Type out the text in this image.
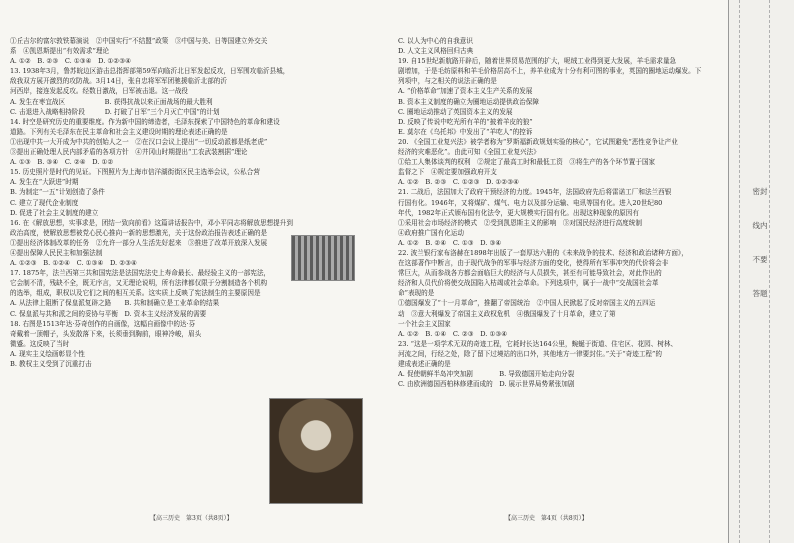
①丘吉尔的富尔敦铁幕演说　②中国实行“不结盟”政策　③中国与美、日等国建立外交关
系　④凯恩斯提出“有效需求”理论
A. ①②　B. ②③　C. ①③④　D. ①②③④
13. 1938年3月，鲁苏皖边区游击总指挥部第59军向临沂北日军发起反攻，日军围攻临沂县城，
敌我双方展开激烈的攻防战。3月14日，张自忠将军军团驰援临沂北部的沂
河西岸，接连发起反攻。经数日激战，日军被击退。这一战役
A. 发生在枣宜战区　　　　　　B. 获得抗战以来正面战场的最大胜利
C. 击退进入战略相持阶段　　　D. 打破了日军“三个月灭亡中国”的计划
14. 时空是研究历史的重要维度。作为新中国的缔造者，毛泽东探索了中国特色的革命和建设
道路。下列有关毛泽东在民主革命和社会主义建设时期的理论表述正确的是
①出现中共一大开成为中共的创始人之一　②在汉口会议上提出“一切反动派都是纸老虎”
③提出正确处理人民内部矛盾的各项方针　④井冈山时期提出“工农武装割据”理论
A. ①③　B. ③④　C. ②④　D. ①②
15. 历史照片是时代的见证。下图照片为上海市信洋湖街街区民主选举会议，公私合营
A. 发生在“大跃进”时期
B. 为制定“一五”计划创造了条件
C. 建立了现代企业制度
D. 促进了社会主义制度的建立
16. 在《解放思想，实事求是，团结一致向前看》这篇讲话报告中，邓小平同志将解放思想提升到
政治高度，使解放思想被党心民心推向一新的思想激光，关于这份政治报告表述正确的是
①提出经济体制改革的任务　②允许一部分人生活先好起来　③推进了改革开放深入发展
④提出保障人民民主和加强法制
A. ①②③　B. ①②④　C. ①③④　D. ②③④
17. 1875年，法兰西第三共和国宪法是法国宪法史上寿命最长、最经验主义的一部宪法，
它会制不清，残缺不全，既无序言，又无理论说明，所有法律都仅限于分割制造各个机构
的选举，组成，职权以及它们之间的相互关系。这实质上反映了宪法制生的主要原因是
A. 从法律上阻断了保皇派复辟之路　　B. 共和制确立是工业革命的结果
C. 保皇派与共和派之间的妥协与平衡　D. 资本主义经济发展的需要
18. 右图是1513年达·芬奇创作的自画像，这幅自画像中的达·芬
奇戴着一顶帽子，头发散落下来，长须垂到胸前，眼神冷峻，眉头
微蹙。这反映了当时
A. 现实主义绘画彰显个性
B. 教权主义受到了沉重打击
C. 以人为中心的自我意识
D. 人文主义风格回归古典
19. 自15世纪新航路开辟后，随着世界贸易范围的扩大，呢绒工业得到更大发展，羊毛需求量急
剧增加，于是毛纺原料和羊毛价格居高不上，养羊业成为十分有利可图的事业，英国的圈地运动爆发。下
列项中，与之相关的说法正确的是
A. “价格革命”加速了资本主义生产关系的发展
B. 资本主义制度的确立为圈地运动提供政治保障
C. 圈地运动推动了英国资本主义的发展
D. 反映了传说中吃光所有羊的“披着羊皮的狼”
E. 莫尔在《乌托邦》中发出了“羊吃人”的控诉
20. 《全国工业复兴法》被学者称为“罗斯福新政规划实验的核心”，它试图避免“恶性竞争让产业
经济的灾难恶化”。由此可知《全国工业复兴法》
①给工人集体谈判的权利　②规定了最高工时和最低工资　③将生产的各个环节置于国家
监督之下　④规定要加强政府开支
A. ①②　B. ②③　C. ①②③　D. ①②③④
21. 二战后，法国加大了政府干预经济的力度。1945年，法国政府先后将雷诺工厂和法兰西银
行国有化。1946年，又将煤矿、煤气、电力以及部分运输、电讯等国有化。进入20世纪80
年代，1982年正式颁布国有化法令，更大规模实行国有化。出现这种现象的原因有
①采用社会市场经济的模式　②受到凯恩斯主义的影响　③对国民经济进行高度统制
④政府推广国有化运动
A. ①②　B. ②④　C. ①③　D. ③④
22. 波兰银行家布洛赫在1898年出版了一套厚达六册的《未来战争的技术、经济和政治诸种方面》，
在这部著作中断言，由于现代战争的军事与经济方面的变化，使得所有军事冲突的代价将会非
常巨大，从而参战各方都会面临巨大的经济与人员损失，甚至有可能导致社会，对此作出的
经济和人员代价将使交战国陷入枯竭或社会革命。下列选项中，属于一战中“交战国社会革
命”表现的是
①德国爆发了“十一月革命”，推翻了帝国统治　②中国人民掀起了反对帝国主义的五四运
动　③意大利爆发了帝国主义政权危机　④俄国爆发了十月革命，建立了第
一个社会主义国家
A. ①②　B. ①④　C. ②③　D. ①③④
23. “这是一项学术无双的奇迹工程，它耗时长达164公里，蜿蜒于街道、住宅区、花园、树林、
河流之间，行经之处，除了留下过境站的出口外，其他地方一律要封住。”关于“奇迹工程”的
建成表述正确的是
A. 促使朝鲜半岛冲突加剧　　　　B. 导致德国开始走向分裂
C. 由欧洲德国西柏林修建而成的　D. 展示世界局势紧张加剧
【高三历史　第3页（共8页）】	【高三历史　第4页（共8页）】
密封线内不要答题
